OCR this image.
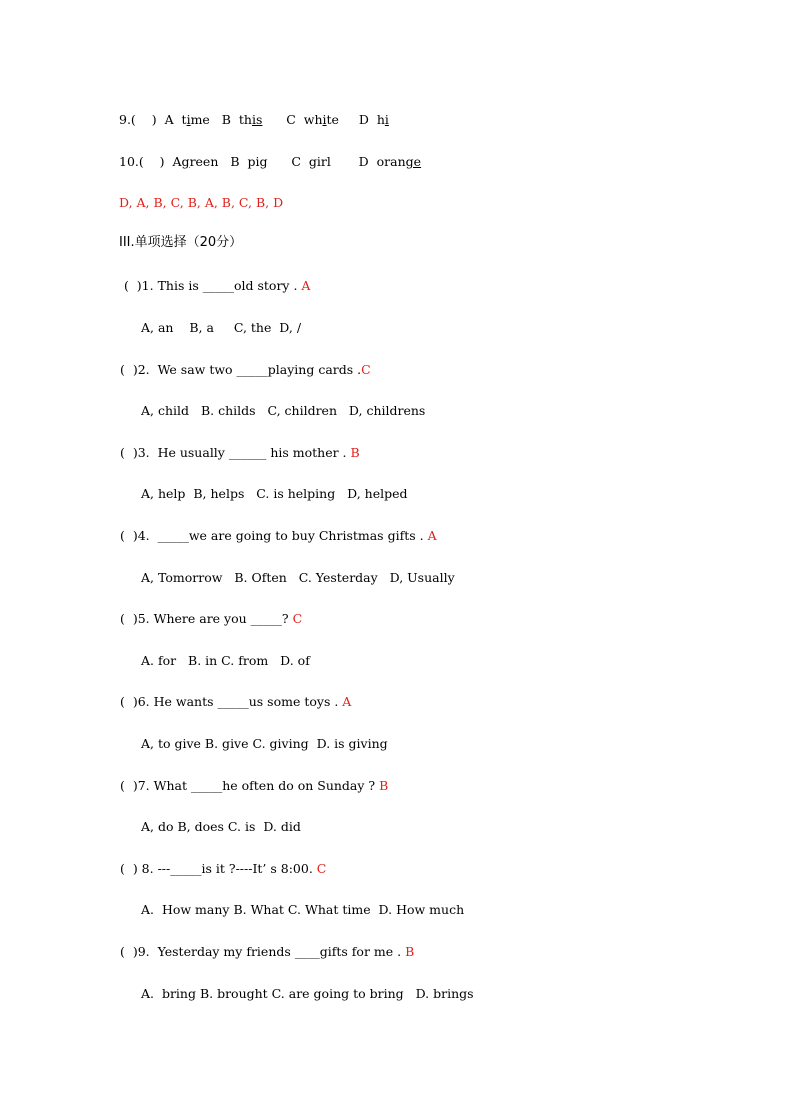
9.( ) A time B this C white D hi
10.( ) Agreen B pig C girl D orange
D, A, B, C, B, A, B, C, B, D
III.单项选择（20分）
(  )1. This is _____old story . A
A, an    B, a     C, the  D, /
(  )2.  We saw two _____playing cards .C
A, child   B. childs   C, children   D, childrens
(  )3.  He usually ______ his mother . B
A, help  B, helps   C. is helping   D, helped
(  )4.  _____we are going to buy Christmas gifts . A
A, Tomorrow   B. Often   C. Yesterday   D, Usually
(  )5. Where are you _____? C
A. for   B. in C. from   D. of
(  )6. He wants _____us some toys . A
A, to give B. give C. giving  D. is giving
(  )7. What _____he often do on Sunday ? B
A, do B, does C. is  D. did
(  ) 8. ---_____is it ?----It’ s 8:00. C
A.  How many B. What C. What time  D. How much
(  )9.  Yesterday my friends ____gifts for me . B
A.  bring B. brought C. are going to bring   D. brings
